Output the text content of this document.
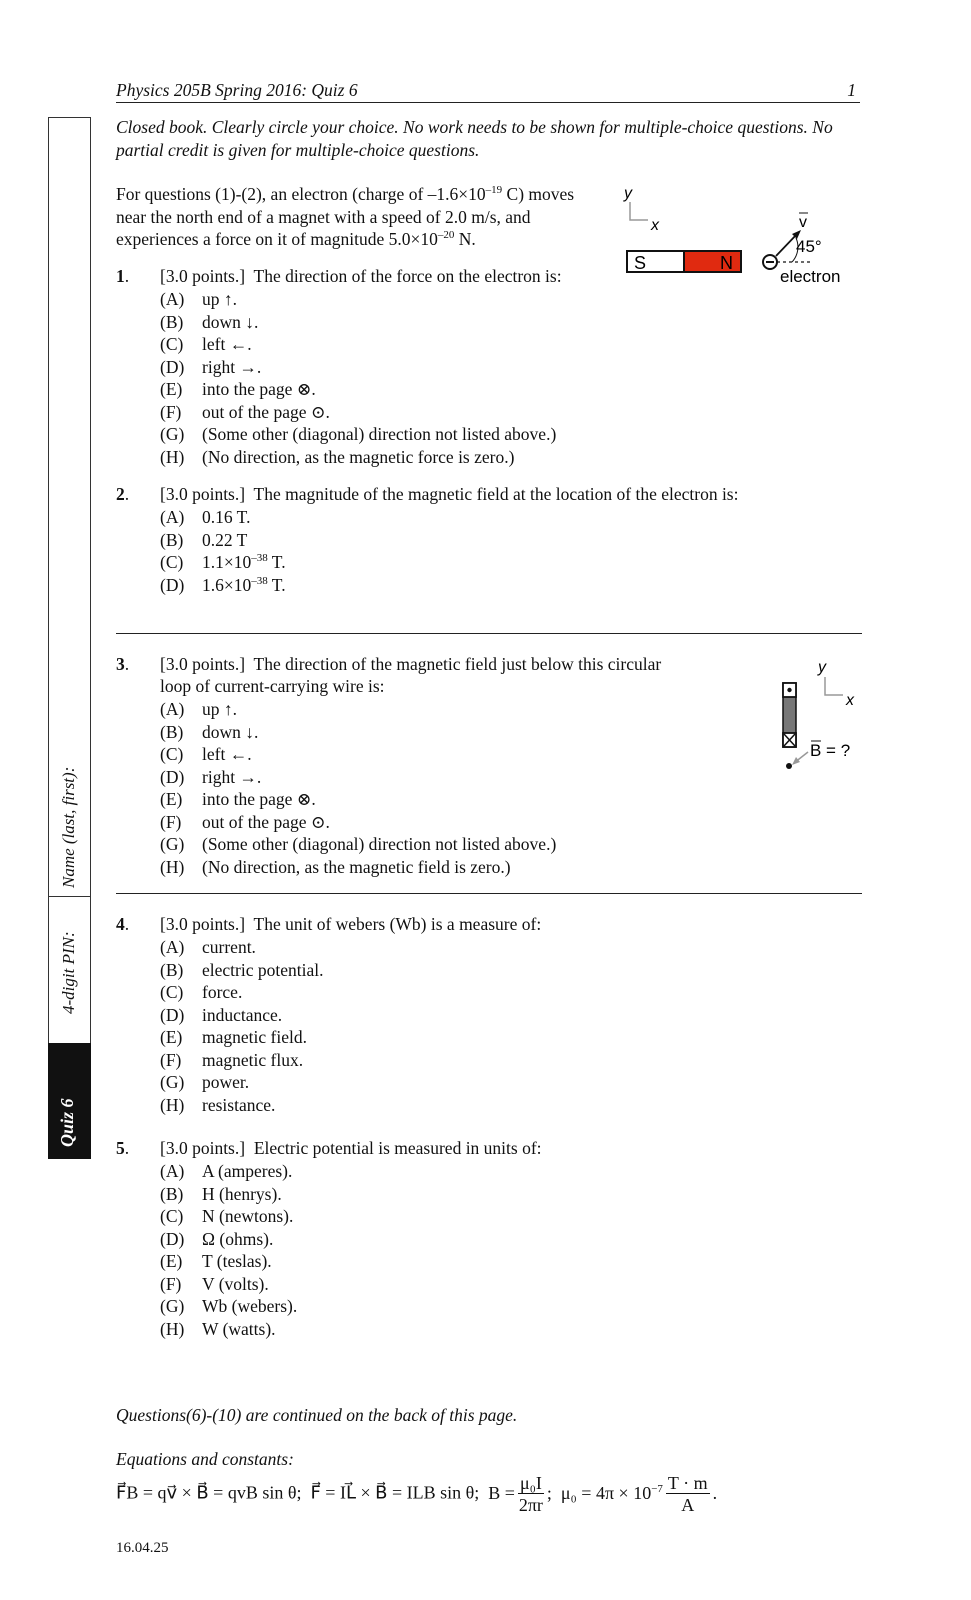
Physics 205B Spring 2016: Quiz 6	1
Name (last, first):
4-digit PIN:
Quiz 6
Closed book. Clearly circle your choice. No work needs to be shown for multiple-choice questions. No partial credit is given for multiple-choice questions.
For questions (1)-(2), an electron (charge of $-1.6\times 10^{-19}$ C) moves
near the north end of a magnet with a speed of 2.0 m/s, and
experiences a force on it of magnitude $5.0\times 10^{-20}$ N.
y
x
S	N
v
45°
electron
1. [3.0 points.] The direction of the force on the electron is:
(A) up ↑.
(B) down ↓.
(C) left ←.
(D) right →.
(E) into the page ⊗.
(F) out of the page ⊙.
(G) (Some other (diagonal) direction not listed above.)
(H) (No direction, as the magnetic force is zero.)
2. [3.0 points.] The magnitude of the magnetic field at the location of the electron is:
(A) 0.16 T.
(B) 0.22 T
(C) $1.1\times 10^{-38}$ T.
(D) $1.6\times 10^{-38}$ T.
3. [3.0 points.]  The direction of the magnetic field just below this circular
loop of current-carrying wire is:
(A) up ↑.
(B) down ↓.
(C) left ←.
(D) right →.
(E) into the page ⊗.
(F) out of the page ⊙.
(G) (Some other (diagonal) direction not listed above.)
(H) (No direction, as the magnetic field is zero.)
y
x
B = ?
4. [3.0 points.] The unit of webers (Wb) is a measure of:
(A) current.
(B) electric potential.
(C) force.
(D) inductance.
(E) magnetic field.
(F) magnetic flux.
(G) power.
(H) resistance.
5. [3.0 points.] Electric potential is measured in units of:
(A) A (amperes).
(B) H (henrys).
(C) N (newtons).
(D) Ω (ohms).
(E) T (teslas).
(F) V (volts).
(G) Wb (webers).
(H) W (watts).
Questions(6)-(10) are continued on the back of this page.
Equations and constants:
F⃗B = qv⃗ × B⃗ = qvB sin θ; F⃗ = IL⃗ × B⃗ = ILB sin θ; $B = \frac{\text{μ₀I}}{2\pi r}$ ; $\mu_0 = 4\pi \times 10^{-7} \frac{T \cdot m}{A}$ .
16.04.25
